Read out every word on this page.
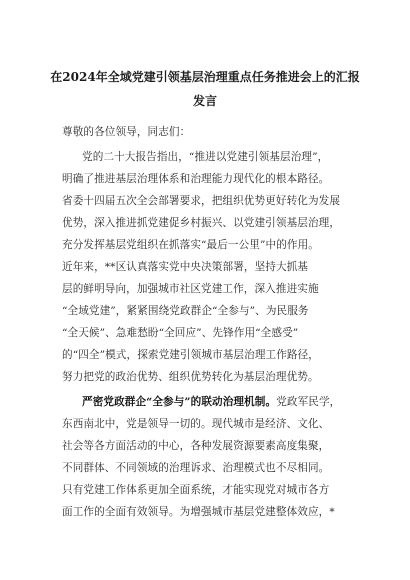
在2024年全域党建引领基层治理重点任务推进会上的汇报
发言
尊敬的各位领导，同志们：
党的二十大报告指出，“推进以党建引领基层治理”，
明确了推进基层治理体系和治理能力现代化的根本路径。
省委十四届五次全会部署要求，把组织优势更好转化为发展
优势，深入推进抓党建促乡村振兴、以党建引领基层治理，
充分发挥基层党组织在抓落实“最后一公里”中的作用。
近年来，**区认真落实党中央决策部署，坚持大抓基
层的鲜明导向，加强城市社区党建工作，深入推进实施
“全域党建”，紧紧围绕党政群企“全参与”、为民服务
“全天候”、急难愁盼“全回应”、先锋作用“全感受”
的“四全”模式，探索党建引领城市基层治理工作路径，
努力把党的政治优势、组织优势转化为基层治理优势。
严密党政群企“全参与”的联动治理机制。党政军民学，
东西南北中，党是领导一切的。现代城市是经济、文化、
社会等各方面活动的中心，各种发展资源要素高度集聚，
不同群体、不同领域的治理诉求、治理模式也不尽相同。
只有党建工作体系更加全面系统，才能实现党对城市各方
面工作的全面有效领导。为增强城市基层党建整体效应，*
